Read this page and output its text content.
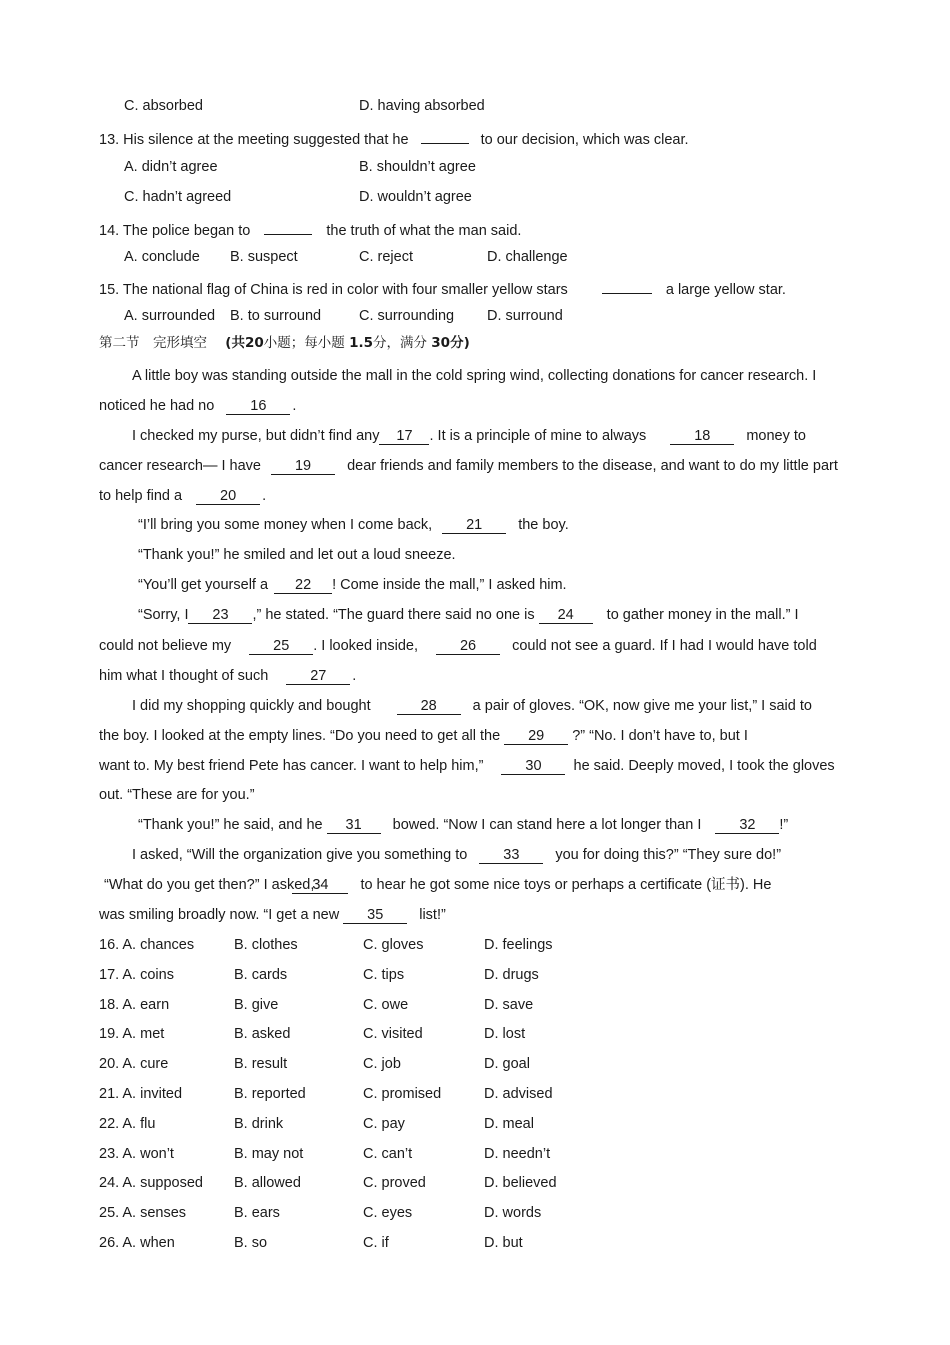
C. absorbed	D. having absorbed
13. His silence at the meeting suggested that he	to our decision, which was clear.
A. didn’t agree	B. shouldn’t agree
C. hadn’t agreed	D. wouldn’t agree
14. The police began to	the truth of what the man said.
A. conclude B. suspect	C. reject	D. challenge
15. The national flag of China is red in color with four smaller yellow stars	a large yellow star.
A. surrounded B. to surround	C. surrounding D. surround
第二节　完形填空 (共20小题；每小题 1.5分，满分 30分)
A little boy was standing outside the mall in the cold spring wind, collecting donations for cancer research. I
noticed he had no 16 .
I checked my purse, but didn’t find any 17 . It is a principle of mine to always	18 money to
cancer research— I have 19 dear friends and family members to the disease, and want to do my little part
to help find a	20 .
“I’ll bring you some money when I come back, 21 the boy.
“Thank you!” he smiled and let out a loud sneeze.
“You’ll get yourself a 22 ! Come inside the mall,” I asked him.
“Sorry, I 23 ,” he stated. “The guard there said no one is 24 to gather money in the mall.” I
could not believe my	25 . I looked inside,	26 could not see a guard. If I had I would have told
him what I thought of such	27 .
I did my shopping quickly and bought	28 a pair of gloves. “OK, now give me your list,” I said to
the boy. I looked at the empty lines. “Do you need to get all the 29 ?” “No. I don’t have to, but I
want to. My best friend Pete has cancer. I want to help him,”	30 he said. Deeply moved, I took the gloves
out. “These are for you.”
“Thank you!” he said, and he 31 bowed. “Now I can stand here a lot longer than I	32 !”
I asked, “Will the organization give you something to 33 you for doing this?” “They sure do!”
“What do you get then?” I asked, 34 to hear he got some nice toys or perhaps a certificate (证书). He
was smiling broadly now. “I get a new 35 list!”
16. A. chances	B. clothes	C. gloves	D. feelings
17. A. coins	B. cards	C. tips	D. drugs
18. A. earn	B. give	C. owe	D. save
19. A. met	B. asked	C. visited	D. lost
20. A. cure	B. result	C. job	D. goal
21. A. invited	B. reported	C. promised	D. advised
22. A. flu	B. drink	C. pay	D. meal
23. A. won’t	B. may not	C. can’t	D. needn’t
24. A. supposed B. allowed	C. proved	D. believed
25. A. senses	B. ears	C. eyes	D. words
26. A. when	B. so	C. if	D. but
